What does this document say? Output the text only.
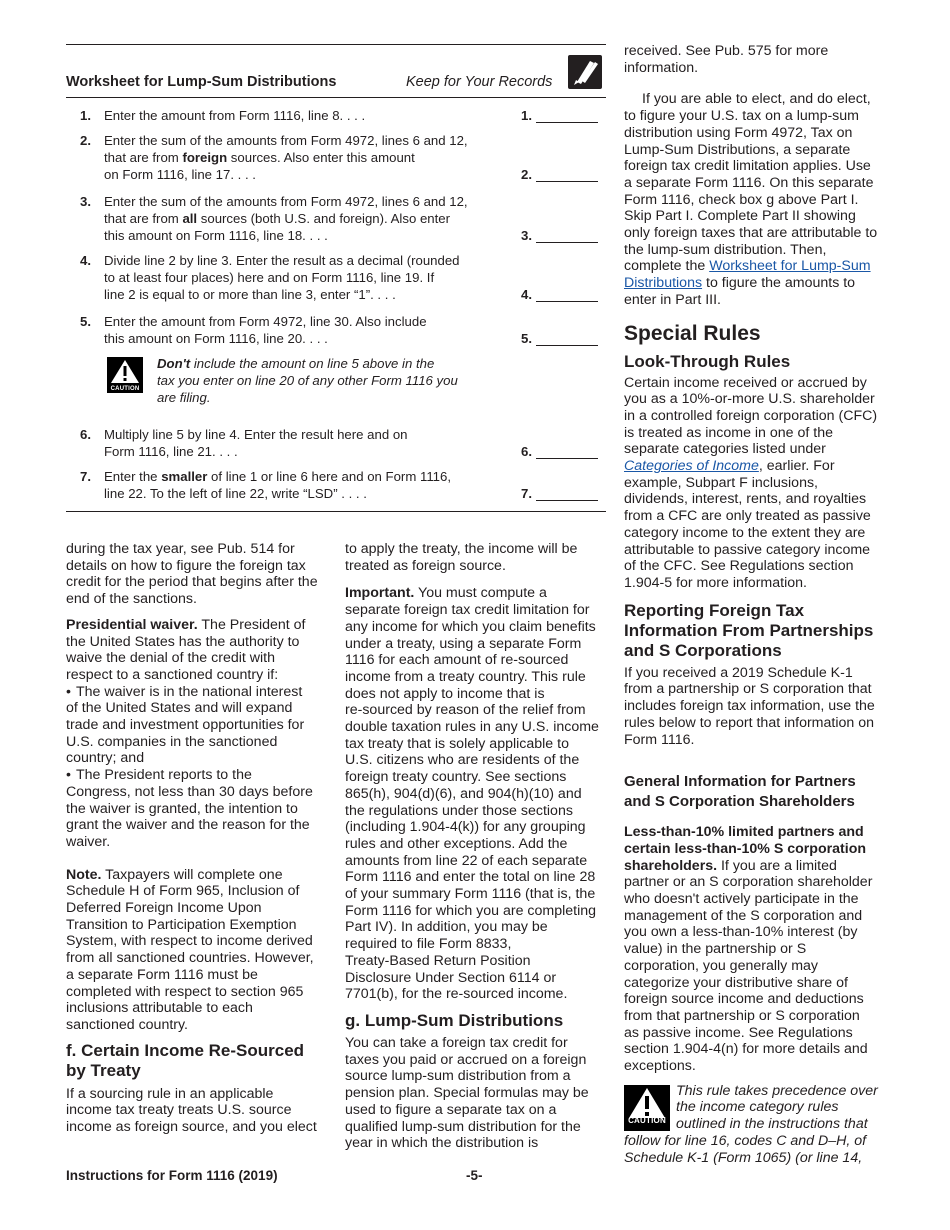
Worksheet for Lump-Sum Distributions	Keep for Your Records
1. Enter the amount from Form 1116, line 8. . . .	1.
2. Enter the sum of the amounts from Form 4972, lines 6 and 12,
that are from foreign sources. Also enter this amount
on Form 1116, line 17. . . .	2.
3. Enter the sum of the amounts from Form 4972, lines 6 and 12,
that are from all sources (both U.S. and foreign). Also enter
this amount on Form 1116, line 18. . . .	3.
4. Divide line 2 by line 3. Enter the result as a decimal (rounded
to at least four places) here and on Form 1116, line 19. If
line 2 is equal to or more than line 3, enter “1”. . . .	4.
5. Enter the amount from Form 4972, line 30. Also include
this amount on Form 1116, line 20. . . .	5.
6. Multiply line 5 by line 4. Enter the result here and on
Form 1116, line 21. . . .	6.
7. Enter the smaller of line 1 or line 6 here and on Form 1116,
line 22. To the left of line 22, write “LSD” . . . .	7.
CAUTION
Don't include the amount on line 5 above in the
tax you enter on line 20 of any other Form 1116 you
are filing.

during the tax year, see Pub. 514 for
details on how to figure the foreign tax
credit for the period that begins after the
end of the sanctions.

Presidential waiver. The President of
the United States has the authority to
waive the denial of the credit with
respect to a sanctioned country if:

• The waiver is in the national interest
of the United States and will expand
trade and investment opportunities for
U.S. companies in the sanctioned
country; and

• The President reports to the
Congress, not less than 30 days before
the waiver is granted, the intention to
grant the waiver and the reason for the
waiver.

Note. Taxpayers will complete one
Schedule H of Form 965, Inclusion of
Deferred Foreign Income Upon
Transition to Participation Exemption
System, with respect to income derived
from all sanctioned countries. However,
a separate Form 1116 must be
completed with respect to section 965
inclusions attributable to each
sanctioned country.

f. Certain Income Re-Sourced
by Treaty

If a sourcing rule in an applicable
income tax treaty treats U.S. source
income as foreign source, and you elect

to apply the treaty, the income will be
treated as foreign source.

Important. You must compute a
separate foreign tax credit limitation for
any income for which you claim benefits
under a treaty, using a separate Form
1116 for each amount of re-sourced
income from a treaty country. This rule
does not apply to income that is
re-sourced by reason of the relief from
double taxation rules in any U.S. income
tax treaty that is solely applicable to
U.S. citizens who are residents of the
foreign treaty country. See sections
865(h), 904(d)(6), and 904(h)(10) and
the regulations under those sections
(including 1.904-4(k)) for any grouping
rules and other exceptions. Add the
amounts from line 22 of each separate
Form 1116 and enter the total on line 28
of your summary Form 1116 (that is, the
Form 1116 for which you are completing
Part IV). In addition, you may be
required to file Form 8833,
Treaty-Based Return Position
Disclosure Under Section 6114 or
7701(b), for the re-sourced income.

g. Lump-Sum Distributions

You can take a foreign tax credit for
taxes you paid or accrued on a foreign
source lump-sum distribution from a
pension plan. Special formulas may be
used to figure a separate tax on a
qualified lump-sum distribution for the
year in which the distribution is

received. See Pub. 575 for more
information.

If you are able to elect, and do elect,
to figure your U.S. tax on a lump-sum
distribution using Form 4972, Tax on
Lump-Sum Distributions, a separate
foreign tax credit limitation applies. Use
a separate Form 1116. On this separate
Form 1116, check box g above Part I.
Skip Part I. Complete Part II showing
only foreign taxes that are attributable to
the lump-sum distribution. Then,
complete the Worksheet for Lump-Sum
Distributions to figure the amounts to
enter in Part III.

Special Rules

Look-Through Rules

Certain income received or accrued by
you as a 10%-or-more U.S. shareholder
in a controlled foreign corporation (CFC)
is treated as income in one of the
separate categories listed under
Categories of Income, earlier. For
example, Subpart F inclusions,
dividends, interest, rents, and royalties
from a CFC are only treated as passive
category income to the extent they are
attributable to passive category income
of the CFC. See Regulations section
1.904-5 for more information.

Reporting Foreign Tax
Information From Partnerships
and S Corporations

If you received a 2019 Schedule K-1
from a partnership or S corporation that
includes foreign tax information, use the
rules below to report that information on
Form 1116.

General Information for Partners
and S Corporation Shareholders

Less-than-10% limited partners and
certain less-than-10% S corporation
shareholders. If you are a limited
partner or an S corporation shareholder
who doesn't actively participate in the
management of the S corporation and
you own a less-than-10% interest (by
value) in the partnership or S
corporation, you generally may
categorize your distributive share of
foreign source income and deductions
from that partnership or S corporation
as passive income. See Regulations
section 1.904-4(n) for more details and
exceptions.

CAUTION

This rule takes precedence over
the income category rules
outlined in the instructions that
follow for line 16, codes C and D–H, of
Schedule K-1 (Form 1065) (or line 14,

Instructions for Form 1116 (2019)	-5-
